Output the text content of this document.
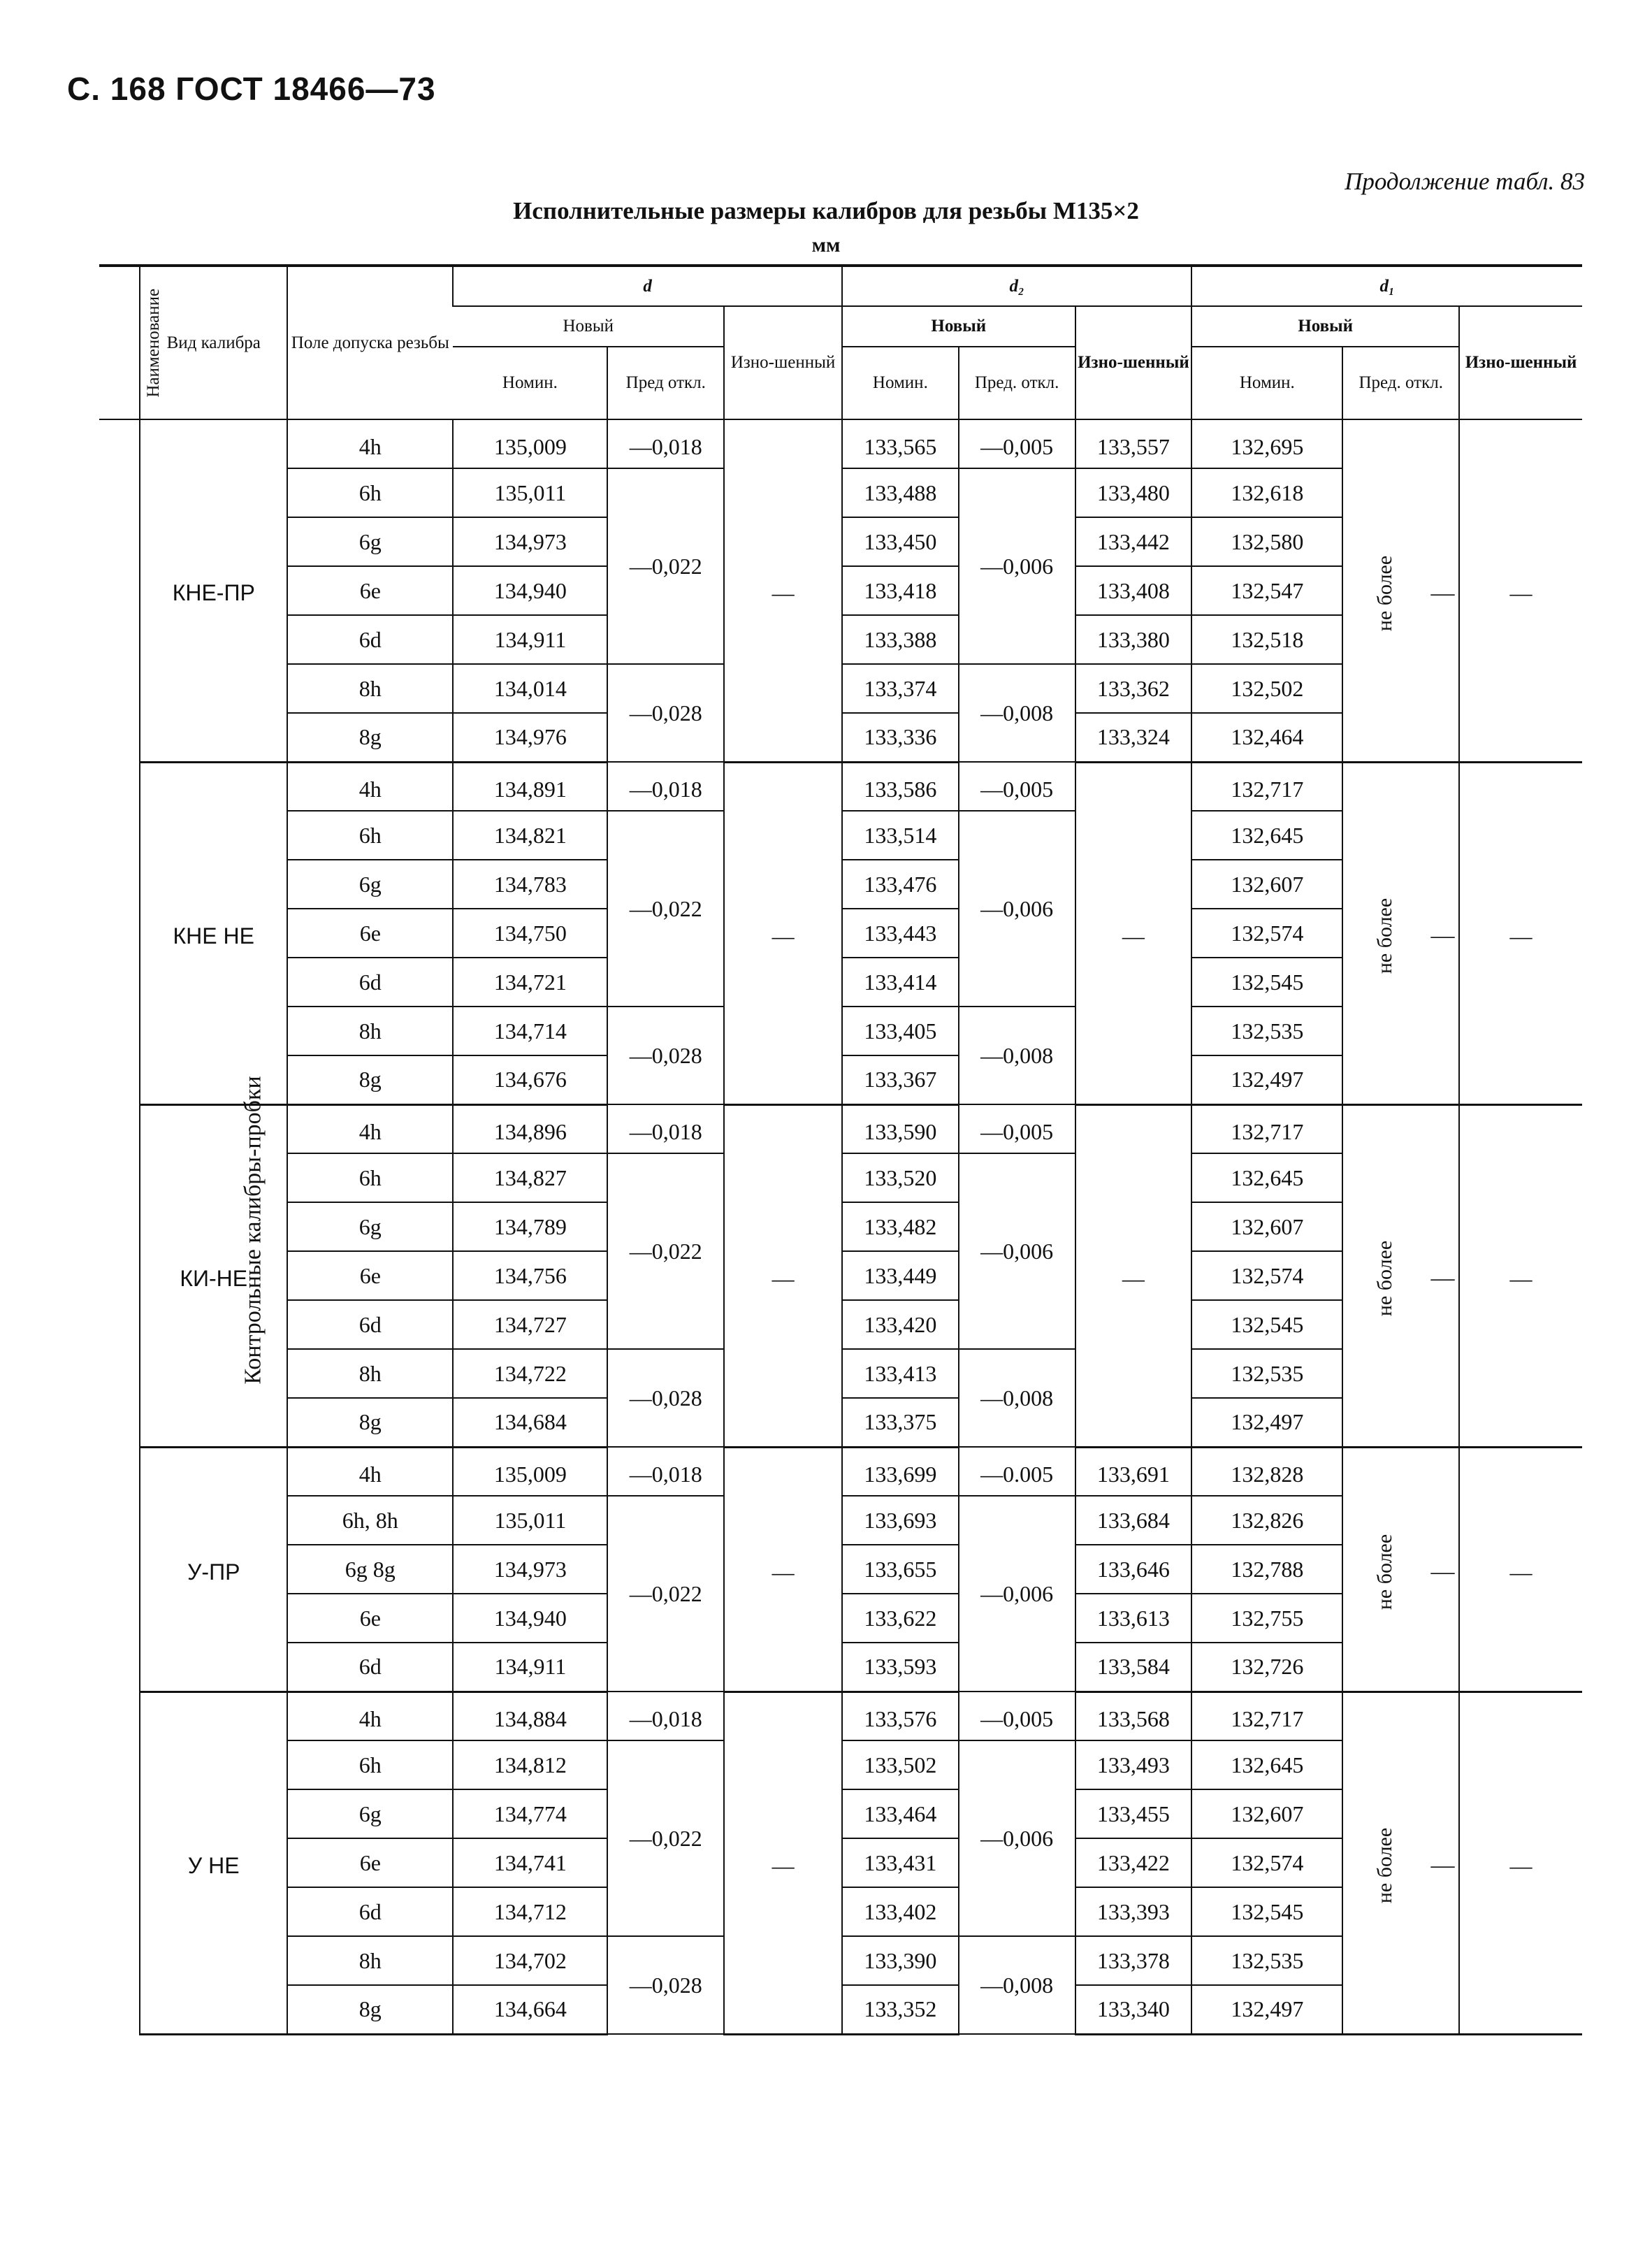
С. 168 ГОСТ 18466—73
Продолжение табл. 83
Исполнительные размеры калибров для резьбы М135×2
мм
Наименование	Вид калибра	Поле допуска резьбы	d			d₂			d₁		
			Новый		Изно-шенный	Новый		Изно-шенный	Новый		Изно-шенный
			Номин.	Пред откл.		Номин.	Пред. откл.		Номин.	Пред. откл.	
Контрольные калибры-пробки	КНЕ-ПР	4h	135,009	—0,018	—	133,565	—0,005	133,557	132,695	не более —	—
		6h	135,011	—0,022		133,488	—0,006	133,480	132,618		
		6g	134,973			133,450		133,442	132,580		
		6e	134,940			133,418		133,408	132,547		
		6d	134,911			133,388		133,380	132,518		
		8h	134,014	—0,028		133,374	—0,008	133,362	132,502		
		8g	134,976			133,336		133,324	132,464		
	КНЕ НЕ	4h	134,891	—0,018	—	133,586	—0,005	—	132,717	не более —	—
		6h	134,821	—0,022		133,514	—0,006		132,645		
		6g	134,783			133,476			132,607		
		6e	134,750			133,443			132,574		
		6d	134,721			133,414			132,545		
		8h	134,714	—0,028		133,405	—0,008		132,535		
		8g	134,676			133,367			132,497		
	КИ-НЕ	4h	134,896	—0,018	—	133,590	—0,005	—	132,717	не более —	—
		6h	134,827	—0,022		133,520	—0,006		132,645		
		6g	134,789			133,482			132,607		
		6e	134,756			133,449			132,574		
		6d	134,727			133,420			132,545		
		8h	134,722	—0,028		133,413	—0,008		132,535		
		8g	134,684			133,375			132,497		
	У-ПР	4h	135,009	—0,018	—	133,699	—0.005	133,691	132,828	не более —	—
		6h, 8h	135,011	—0,022		133,693	—0,006	133,684	132,826		
		6g 8g	134,973			133,655		133,646	132,788		
		6e	134,940			133,622		133,613	132,755		
		6d	134,911			133,593		133,584	132,726		
	У НЕ	4h	134,884	—0,018	—	133,576	—0,005	133,568	132,717	не более —	—
		6h	134,812	—0,022		133,502	—0,006	133,493	132,645		
		6g	134,774			133,464		133,455	132,607		
		6e	134,741			133,431		133,422	132,574		
		6d	134,712			133,402		133,393	132,545		
		8h	134,702	—0,028		133,390	—0,008	133,378	132,535		
		8g	134,664			133,352		133,340	132,497		
